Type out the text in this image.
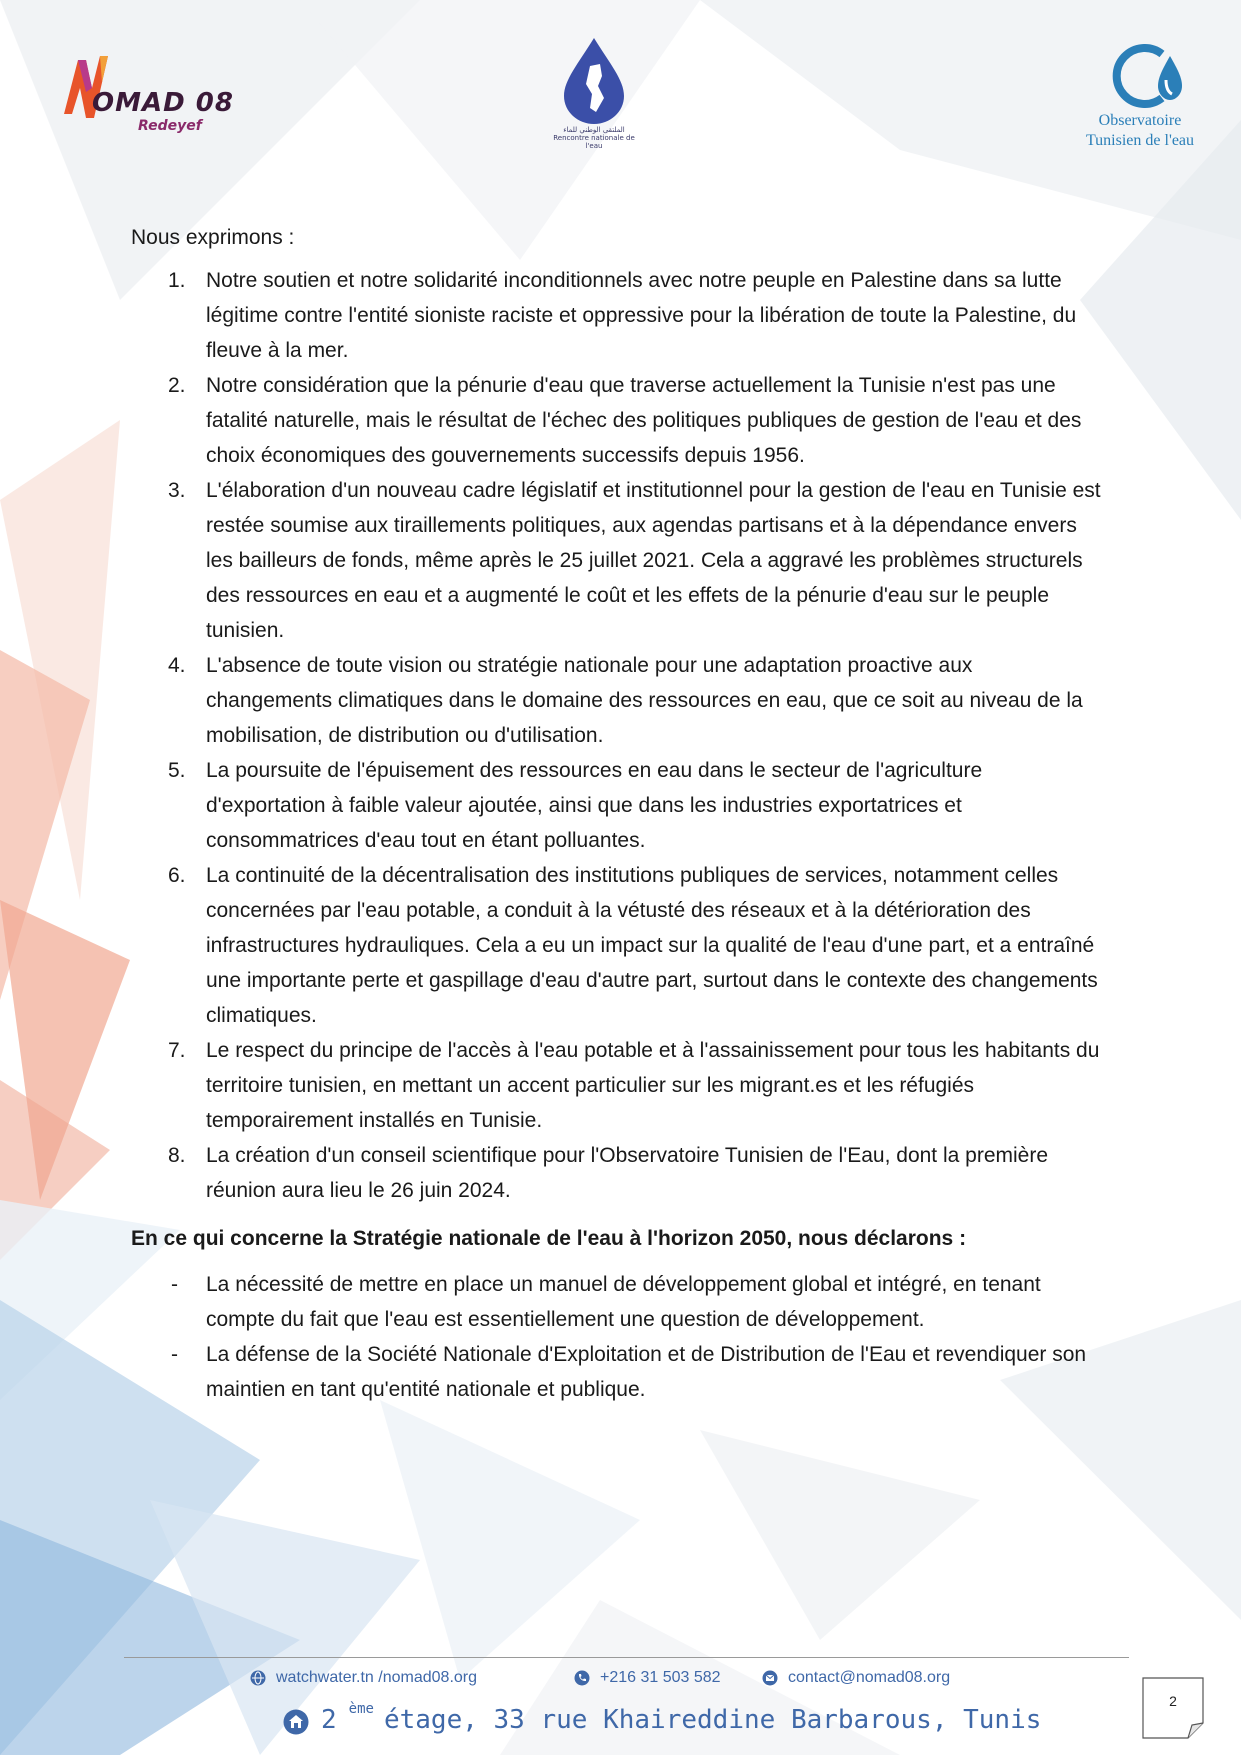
OMAD 08
Redeyef	الملتقى الوطني للماء
Rencontre nationale de l'eau
Observatoire
Tunisien de l'eau

Nous exprimons :

1. Notre soutien et notre solidarité inconditionnels avec notre peuple en Palestine dans sa lutte légitime contre l'entité sioniste raciste et oppressive pour la libération de toute la Palestine, du fleuve à la mer.
2. Notre considération que la pénurie d'eau que traverse actuellement la Tunisie n'est pas une fatalité naturelle, mais le résultat de l'échec des politiques publiques de gestion de l'eau et des choix économiques des gouvernements successifs depuis 1956.
3. L'élaboration d'un nouveau cadre législatif et institutionnel pour la gestion de l'eau en Tunisie est restée soumise aux tiraillements politiques, aux agendas partisans et à la dépendance envers les bailleurs de fonds, même après le 25 juillet 2021. Cela a aggravé les problèmes structurels des ressources en eau et a augmenté le coût et les effets de la pénurie d'eau sur le peuple tunisien.
4. L'absence de toute vision ou stratégie nationale pour une adaptation proactive aux changements climatiques dans le domaine des ressources en eau, que ce soit au niveau de la mobilisation, de distribution ou d'utilisation.
5. La poursuite de l'épuisement des ressources en eau dans le secteur de l'agriculture d'exportation à faible valeur ajoutée, ainsi que dans les industries exportatrices et consommatrices d'eau tout en étant polluantes.
6. La continuité de la décentralisation des institutions publiques de services, notamment celles concernées par l'eau potable, a conduit à la vétusté des réseaux et à la détérioration des infrastructures hydrauliques. Cela a eu un impact sur la qualité de l'eau d'une part, et a entraîné une importante perte et gaspillage d'eau d'autre part, surtout dans le contexte des changements climatiques.
7. Le respect du principe de l'accès à l'eau potable et à l'assainissement pour tous les habitants du territoire tunisien, en mettant un accent particulier sur les migrant.es et les réfugiés temporairement installés en Tunisie.
8. La création d'un conseil scientifique pour l'Observatoire Tunisien de l'Eau, dont la première réunion aura lieu le 26 juin 2024.

En ce qui concerne la Stratégie nationale de l'eau à l'horizon 2050, nous déclarons :

- La nécessité de mettre en place un manuel de développement global et intégré, en tenant compte du fait que l'eau est essentiellement une question de développement.
- La défense de la Société Nationale d'Exploitation et de Distribution de l'Eau et revendiquer son maintien en tant qu'entité nationale et publique.
watchwater.tn /nomad08.org	+216 31 503 582	contact@nomad08.org
2 ème étage, 33 rue Khaireddine Barbarous, Tunis
2
